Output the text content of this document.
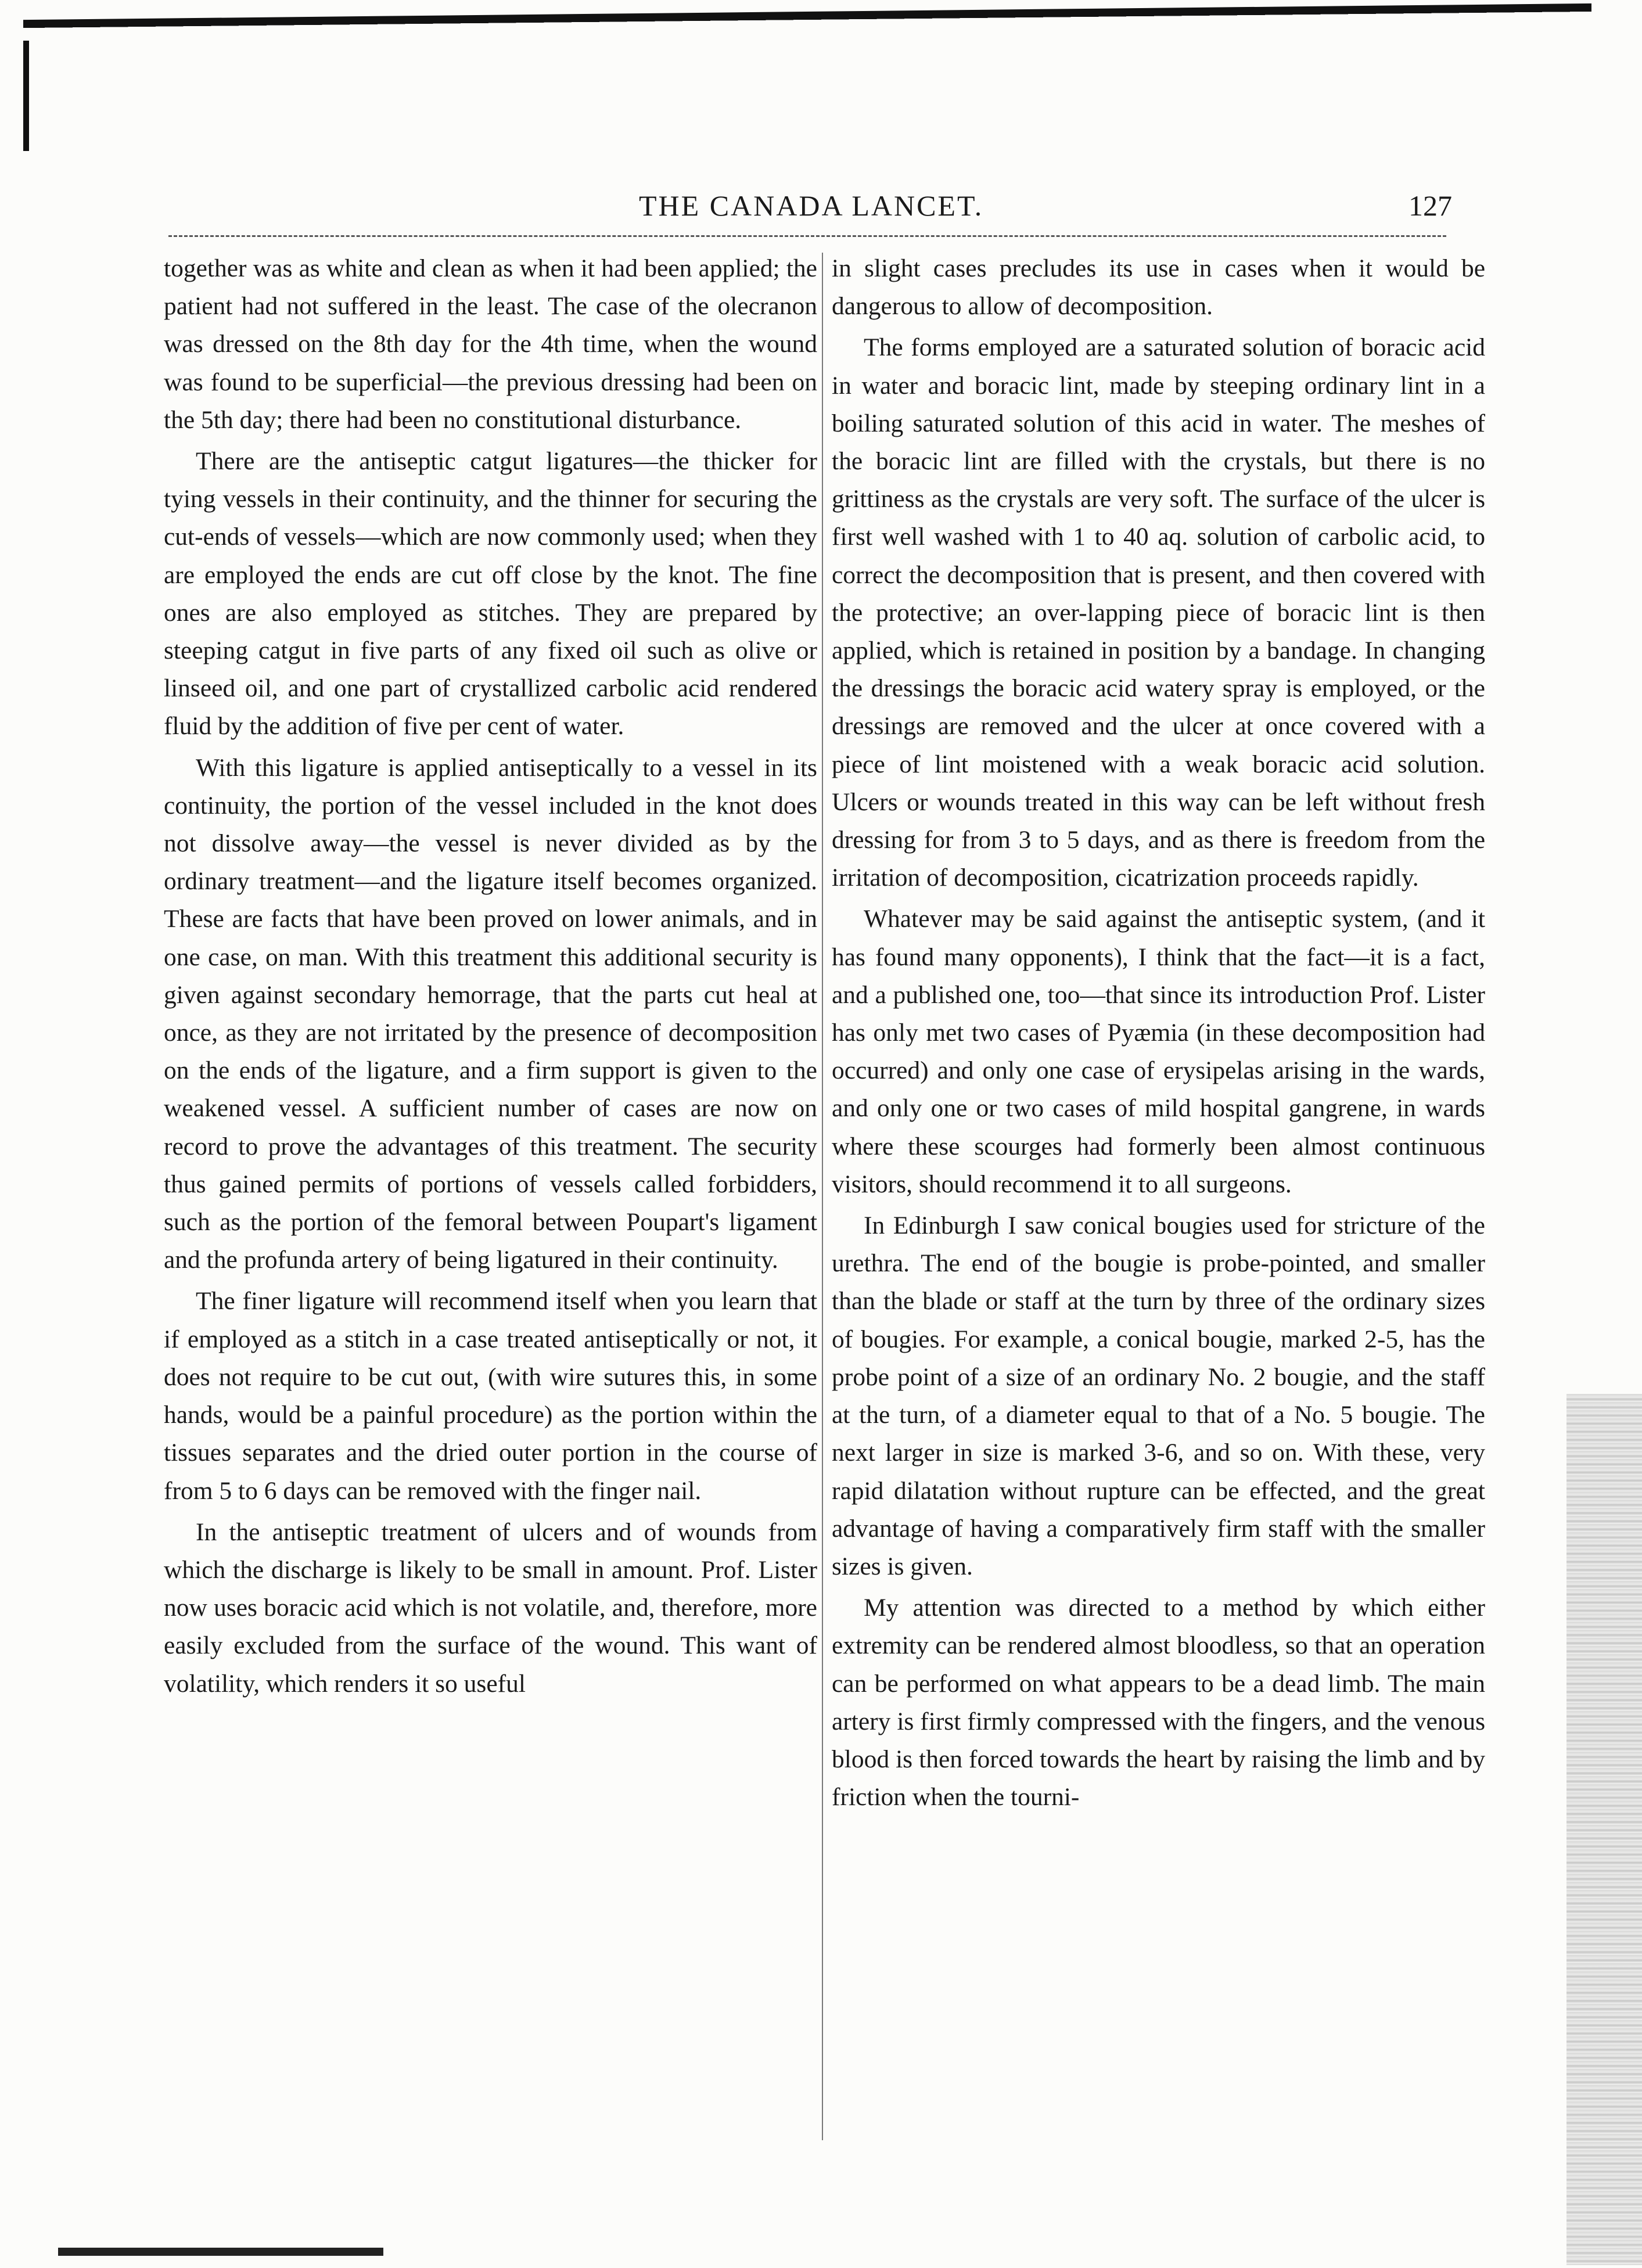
THE CANADA LANCET.	127

together was as white and clean as when it had been applied; the patient had not suffered in the least. The case of the olecranon was dressed on the 8th day for the 4th time, when the wound was found to be superficial—the previous dressing had been on the 5th day; there had been no constitutional disturbance.

There are the antiseptic catgut ligatures—the thicker for tying vessels in their continuity, and the thinner for securing the cut-ends of vessels—which are now commonly used; when they are employed the ends are cut off close by the knot. The fine ones are also employed as stitches. They are prepared by steeping catgut in five parts of any fixed oil such as olive or linseed oil, and one part of crystallized carbolic acid rendered fluid by the addition of five per cent of water.

With this ligature is applied antiseptically to a vessel in its continuity, the portion of the vessel included in the knot does not dissolve away—the vessel is never divided as by the ordinary treatment—and the ligature itself becomes organized. These are facts that have been proved on lower animals, and in one case, on man. With this treatment this additional security is given against secondary hemorrage, that the parts cut heal at once, as they are not irritated by the presence of decomposition on the ends of the ligature, and a firm support is given to the weakened vessel. A sufficient number of cases are now on record to prove the advantages of this treatment. The security thus gained permits of portions of vessels called forbidders, such as the portion of the femoral between Poupart's ligament and the profunda artery of being ligatured in their continuity.

The finer ligature will recommend itself when you learn that if employed as a stitch in a case treated antiseptically or not, it does not require to be cut out, (with wire sutures this, in some hands, would be a painful procedure) as the portion within the tissues separates and the dried outer portion in the course of from 5 to 6 days can be removed with the finger nail.

In the antiseptic treatment of ulcers and of wounds from which the discharge is likely to be small in amount. Prof. Lister now uses boracic acid which is not volatile, and, therefore, more easily excluded from the surface of the wound. This want of volatility, which renders it so useful

in slight cases precludes its use in cases when it would be dangerous to allow of decomposition.

The forms employed are a saturated solution of boracic acid in water and boracic lint, made by steeping ordinary lint in a boiling saturated solution of this acid in water. The meshes of the boracic lint are filled with the crystals, but there is no grittiness as the crystals are very soft. The surface of the ulcer is first well washed with 1 to 40 aq. solution of carbolic acid, to correct the decomposition that is present, and then covered with the protective; an over-lapping piece of boracic lint is then applied, which is retained in position by a bandage. In changing the dressings the boracic acid watery spray is employed, or the dressings are removed and the ulcer at once covered with a piece of lint moistened with a weak boracic acid solution. Ulcers or wounds treated in this way can be left without fresh dressing for from 3 to 5 days, and as there is freedom from the irritation of decomposition, cicatrization proceeds rapidly.

Whatever may be said against the antiseptic system, (and it has found many opponents), I think that the fact—it is a fact, and a published one, too—that since its introduction Prof. Lister has only met two cases of Pyæmia (in these decomposition had occurred) and only one case of erysipelas arising in the wards, and only one or two cases of mild hospital gangrene, in wards where these scourges had formerly been almost continuous visitors, should recommend it to all surgeons.

In Edinburgh I saw conical bougies used for stricture of the urethra. The end of the bougie is probe-pointed, and smaller than the blade or staff at the turn by three of the ordinary sizes of bougies. For example, a conical bougie, marked 2-5, has the probe point of a size of an ordinary No. 2 bougie, and the staff at the turn, of a diameter equal to that of a No. 5 bougie. The next larger in size is marked 3-6, and so on. With these, very rapid dilatation without rupture can be effected, and the great advantage of having a comparatively firm staff with the smaller sizes is given.

My attention was directed to a method by which either extremity can be rendered almost bloodless, so that an operation can be performed on what appears to be a dead limb. The main artery is first firmly compressed with the fingers, and the venous blood is then forced towards the heart by raising the limb and by friction when the tourni-
